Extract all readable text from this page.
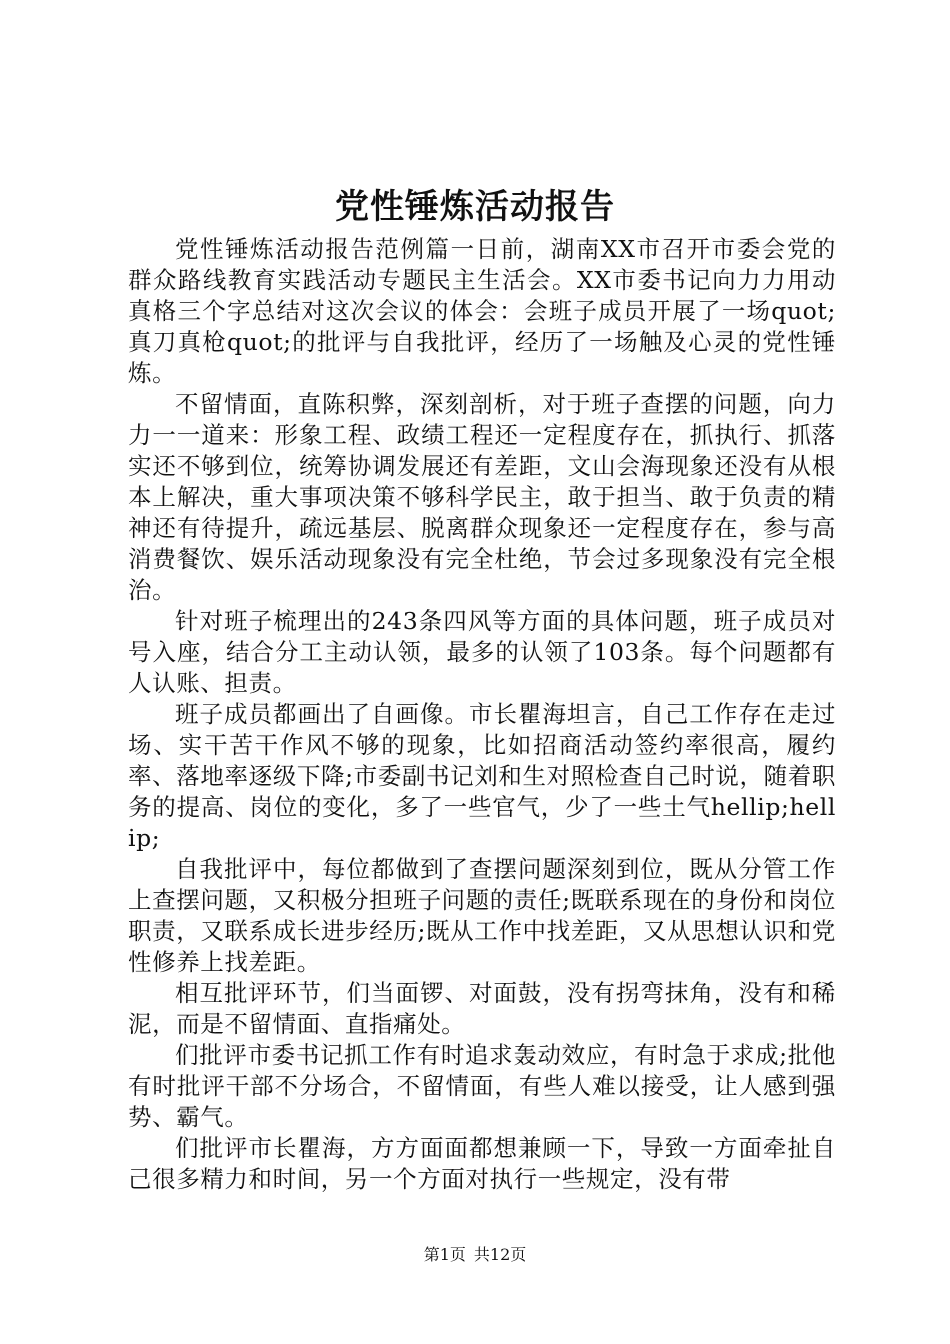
党性锤炼活动报告

党性锤炼活动报告范例篇一日前，湖南XX市召开市委会党的群众路线教育实践活动专题民主生活会。XX市委书记向力力用动真格三个字总结对这次会议的体会：会班子成员开展了一场quot;真刀真枪quot;的批评与自我批评，经历了一场触及心灵的党性锤炼。

不留情面，直陈积弊，深刻剖析，对于班子查摆的问题，向力力一一道来：形象工程、政绩工程还一定程度存在，抓执行、抓落实还不够到位，统筹协调发展还有差距，文山会海现象还没有从根本上解决，重大事项决策不够科学民主，敢于担当、敢于负责的精神还有待提升，疏远基层、脱离群众现象还一定程度存在，参与高消费餐饮、娱乐活动现象没有完全杜绝，节会过多现象没有完全根治。

针对班子梳理出的243条四风等方面的具体问题，班子成员对号入座，结合分工主动认领，最多的认领了103条。每个问题都有人认账、担责。

班子成员都画出了自画像。市长瞿海坦言，自己工作存在走过场、实干苦干作风不够的现象，比如招商活动签约率很高，履约率、落地率逐级下降;市委副书记刘和生对照检查自己时说，随着职务的提高、岗位的变化，多了一些官气，少了一些土气hellip;hellip;

自我批评中，每位都做到了查摆问题深刻到位，既从分管工作上查摆问题，又积极分担班子问题的责任;既联系现在的身份和岗位职责，又联系成长进步经历;既从工作中找差距，又从思想认识和党性修养上找差距。

相互批评环节，们当面锣、对面鼓，没有拐弯抹角，没有和稀泥，而是不留情面、直指痛处。

们批评市委书记抓工作有时追求轰动效应，有时急于求成;批他有时批评干部不分场合，不留情面，有些人难以接受，让人感到强势、霸气。

们批评市长瞿海，方方面面都想兼顾一下，导致一方面牵扯自己很多精力和时间，另一个方面对执行一些规定，没有带

第1页 共12页
